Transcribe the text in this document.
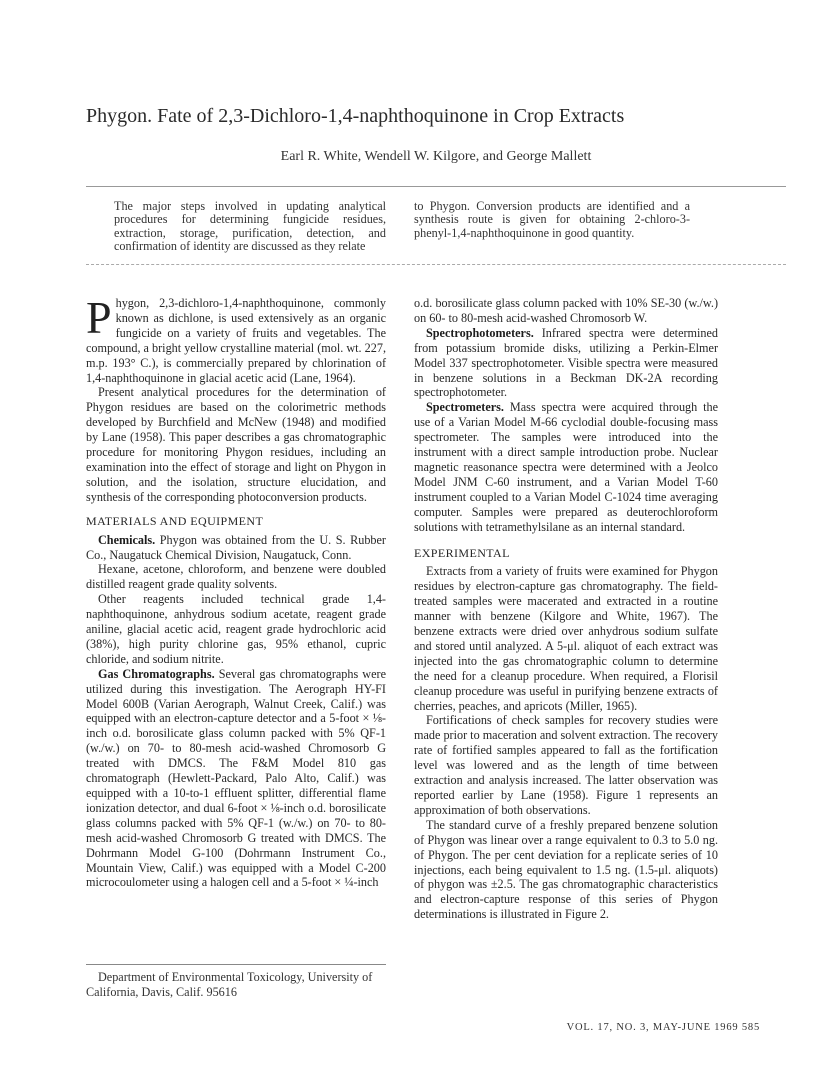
Phygon. Fate of 2,3-Dichloro-1,4-naphthoquinone in Crop Extracts
Earl R. White, Wendell W. Kilgore, and George Mallett

The major steps involved in updating analytical procedures for determining fungicide residues, extraction, storage, purification, detection, and confirmation of identity are discussed as they relate

to Phygon. Conversion products are identified and a synthesis route is given for obtaining 2-chloro-3-phenyl-1,4-naphthoquinone in good quantity.

Phygon, 2,3-dichloro-1,4-naphthoquinone, commonly known as dichlone, is used extensively as an organic fungicide on a variety of fruits and vegetables. The compound, a bright yellow crystalline material (mol. wt. 227, m.p. 193° C.), is commercially prepared by chlorination of 1,4-naphthoquinone in glacial acetic acid (Lane, 1964).

Present analytical procedures for the determination of Phygon residues are based on the colorimetric methods developed by Burchfield and McNew (1948) and modified by Lane (1958). This paper describes a gas chromatographic procedure for monitoring Phygon residues, including an examination into the effect of storage and light on Phygon in solution, and the isolation, structure elucidation, and synthesis of the corresponding photoconversion products.

MATERIALS AND EQUIPMENT

Chemicals. Phygon was obtained from the U. S. Rubber Co., Naugatuck Chemical Division, Naugatuck, Conn.

Hexane, acetone, chloroform, and benzene were doubled distilled reagent grade quality solvents.

Other reagents included technical grade 1,4-naphthoquinone, anhydrous sodium acetate, reagent grade aniline, glacial acetic acid, reagent grade hydrochloric acid (38%), high purity chlorine gas, 95% ethanol, cupric chloride, and sodium nitrite.

Gas Chromatographs. Several gas chromatographs were utilized during this investigation. The Aerograph HY-FI Model 600B (Varian Aerograph, Walnut Creek, Calif.) was equipped with an electron-capture detector and a 5-foot × ⅛-inch o.d. borosilicate glass column packed with 5% QF-1 (w./w.) on 70- to 80-mesh acid-washed Chromosorb G treated with DMCS. The F&M Model 810 gas chromatograph (Hewlett-Packard, Palo Alto, Calif.) was equipped with a 10-to-1 effluent splitter, differential flame ionization detector, and dual 6-foot × ⅛-inch o.d. borosilicate glass columns packed with 5% QF-1 (w./w.) on 70- to 80-mesh acid-washed Chromosorb G treated with DMCS. The Dohrmann Model G-100 (Dohrmann Instrument Co., Mountain View, Calif.) was equipped with a Model C-200 microcoulometer using a halogen cell and a 5-foot × ¼-inch

Department of Environmental Toxicology, University of California, Davis, Calif. 95616

o.d. borosilicate glass column packed with 10% SE-30 (w./w.) on 60- to 80-mesh acid-washed Chromosorb W.

Spectrophotometers. Infrared spectra were determined from potassium bromide disks, utilizing a Perkin-Elmer Model 337 spectrophotometer. Visible spectra were measured in benzene solutions in a Beckman DK-2A recording spectrophotometer.

Spectrometers. Mass spectra were acquired through the use of a Varian Model M-66 cyclodial double-focusing mass spectrometer. The samples were introduced into the instrument with a direct sample introduction probe. Nuclear magnetic reasonance spectra were determined with a Jeolco Model JNM C-60 instrument, and a Varian Model T-60 instrument coupled to a Varian Model C-1024 time averaging computer. Samples were prepared as deuterochloroform solutions with tetramethylsilane as an internal standard.

EXPERIMENTAL

Extracts from a variety of fruits were examined for Phygon residues by electron-capture gas chromatography. The field-treated samples were macerated and extracted in a routine manner with benzene (Kilgore and White, 1967). The benzene extracts were dried over anhydrous sodium sulfate and stored until analyzed. A 5-μl. aliquot of each extract was injected into the gas chromatographic column to determine the need for a cleanup procedure. When required, a Florisil cleanup procedure was useful in purifying benzene extracts of cherries, peaches, and apricots (Miller, 1965).

Fortifications of check samples for recovery studies were made prior to maceration and solvent extraction. The recovery rate of fortified samples appeared to fall as the fortification level was lowered and as the length of time between extraction and analysis increased. The latter observation was reported earlier by Lane (1958). Figure 1 represents an approximation of both observations.

The standard curve of a freshly prepared benzene solution of Phygon was linear over a range equivalent to 0.3 to 5.0 ng. of Phygon. The per cent deviation for a replicate series of 10 injections, each being equivalent to 1.5 ng. (1.5-μl. aliquots) of phygon was ±2.5. The gas chromatographic characteristics and electron-capture response of this series of Phygon determinations is illustrated in Figure 2.

VOL. 17, NO. 3, MAY-JUNE 1969 585
